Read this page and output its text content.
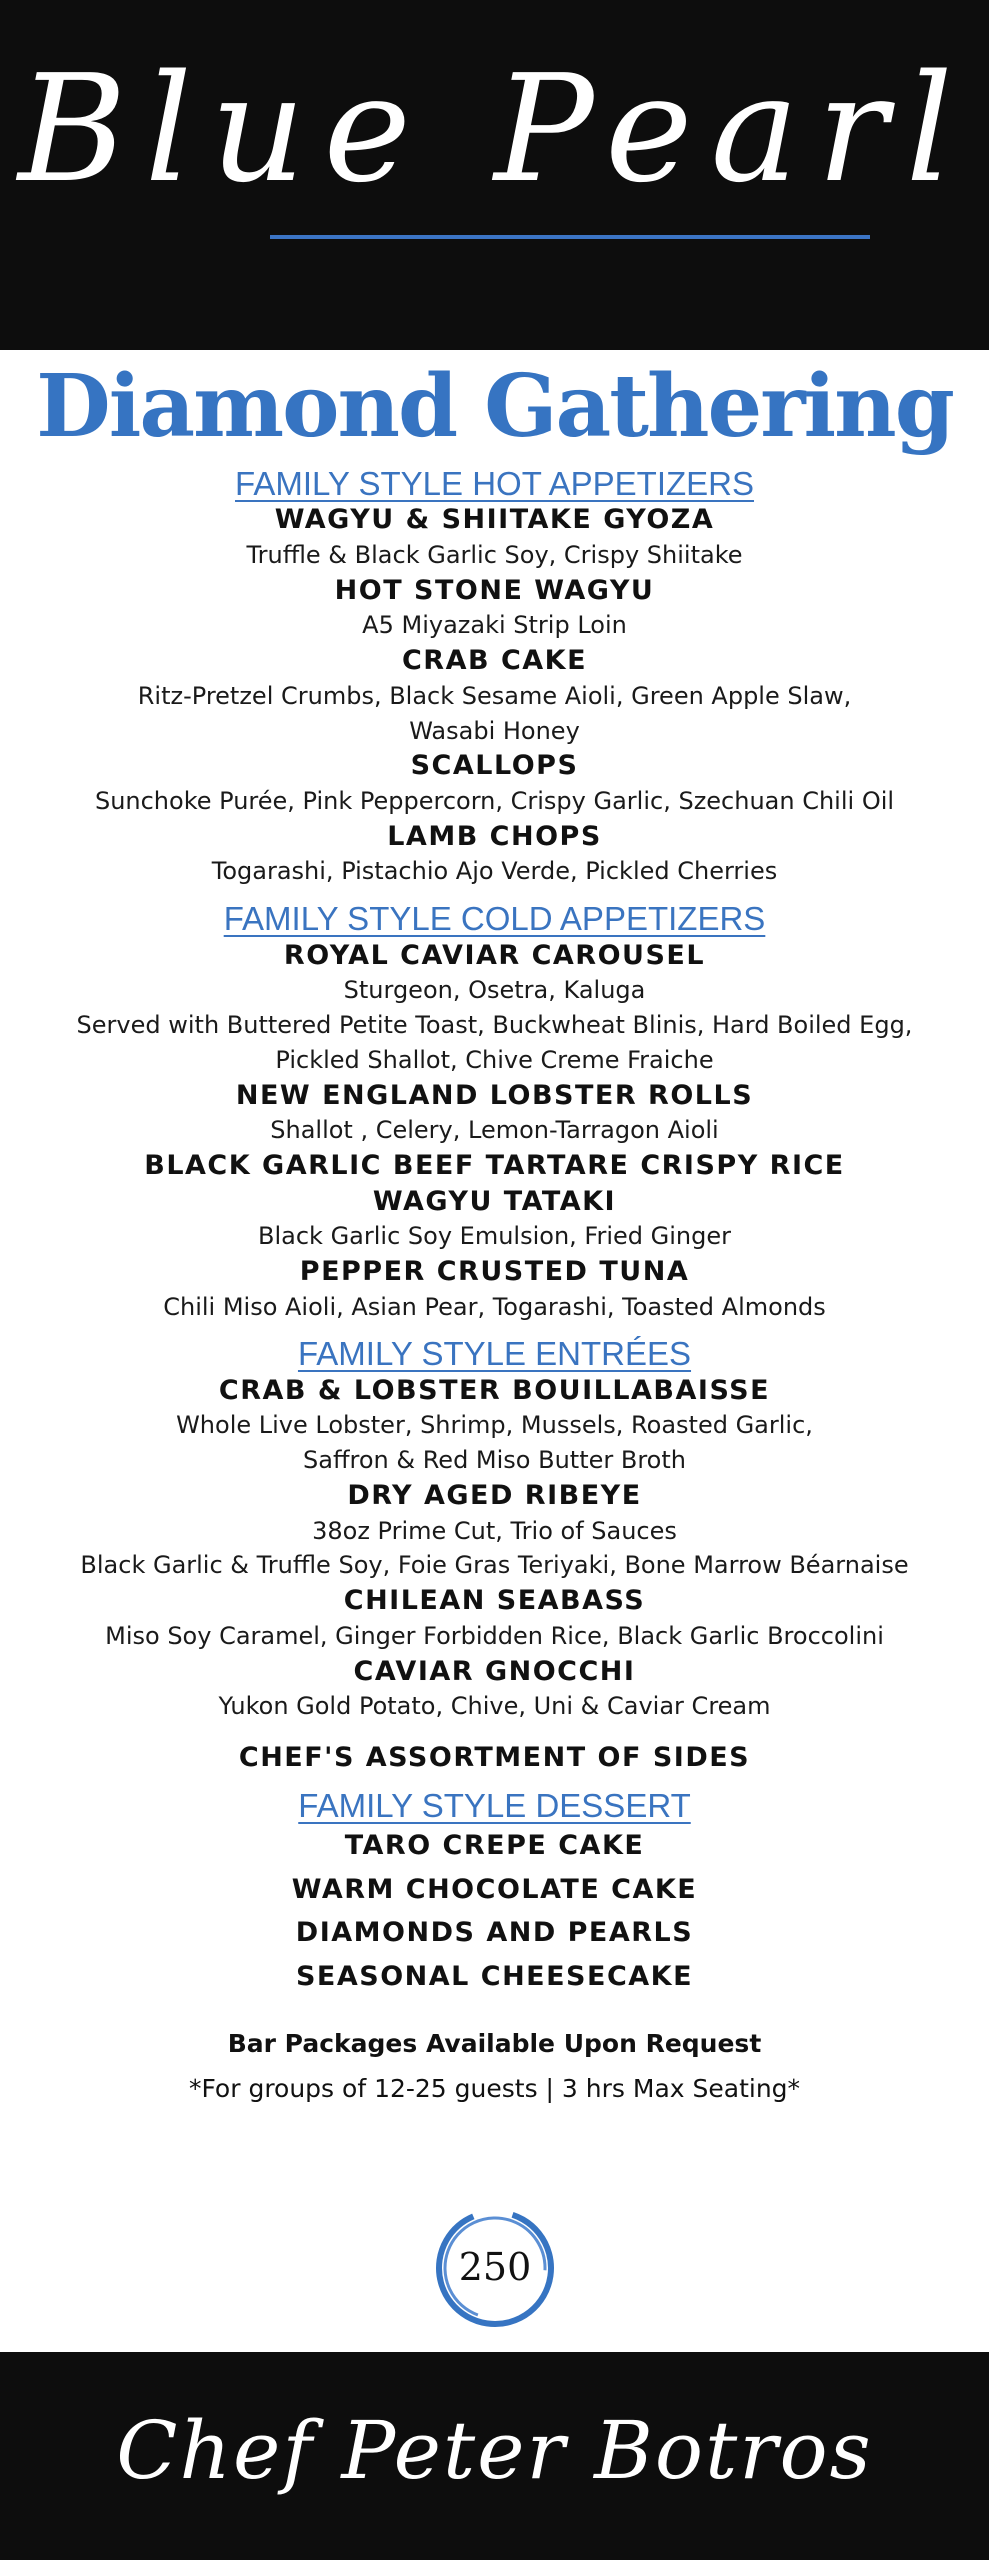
Blue Pearl
Diamond Gathering
FAMILY STYLE HOT APPETIZERS
WAGYU & SHIITAKE GYOZA
Truffle & Black Garlic Soy, Crispy Shiitake
HOT STONE WAGYU
A5 Miyazaki Strip Loin
CRAB CAKE
Ritz-Pretzel Crumbs, Black Sesame Aioli, Green Apple Slaw,
Wasabi Honey
SCALLOPS
Sunchoke Purée, Pink Peppercorn, Crispy Garlic, Szechuan Chili Oil
LAMB CHOPS
Togarashi, Pistachio Ajo Verde, Pickled Cherries
FAMILY STYLE COLD APPETIZERS
ROYAL CAVIAR CAROUSEL
Sturgeon, Osetra, Kaluga
Served with Buttered Petite Toast, Buckwheat Blinis, Hard Boiled Egg,
Pickled Shallot, Chive Creme Fraiche
NEW ENGLAND LOBSTER ROLLS
Shallot , Celery, Lemon-Tarragon Aioli
BLACK GARLIC BEEF TARTARE CRISPY RICE
WAGYU TATAKI
Black Garlic Soy Emulsion, Fried Ginger
PEPPER CRUSTED TUNA
Chili Miso Aioli, Asian Pear, Togarashi, Toasted Almonds
FAMILY STYLE ENTRÉES
CRAB & LOBSTER BOUILLABAISSE
Whole Live Lobster, Shrimp, Mussels, Roasted Garlic,
Saffron & Red Miso Butter Broth
DRY AGED RIBEYE
38oz Prime Cut, Trio of Sauces
Black Garlic & Truffle Soy, Foie Gras Teriyaki, Bone Marrow Béarnaise
CHILEAN SEABASS
Miso Soy Caramel, Ginger Forbidden Rice, Black Garlic Broccolini
CAVIAR GNOCCHI
Yukon Gold Potato, Chive, Uni & Caviar Cream
CHEF'S ASSORTMENT OF SIDES
FAMILY STYLE DESSERT
TARO CREPE CAKE
WARM CHOCOLATE CAKE
DIAMONDS AND PEARLS
SEASONAL CHEESECAKE
Bar Packages Available Upon Request
*For groups of 12-25 guests | 3 hrs Max Seating*
250
Chef Peter Botros
